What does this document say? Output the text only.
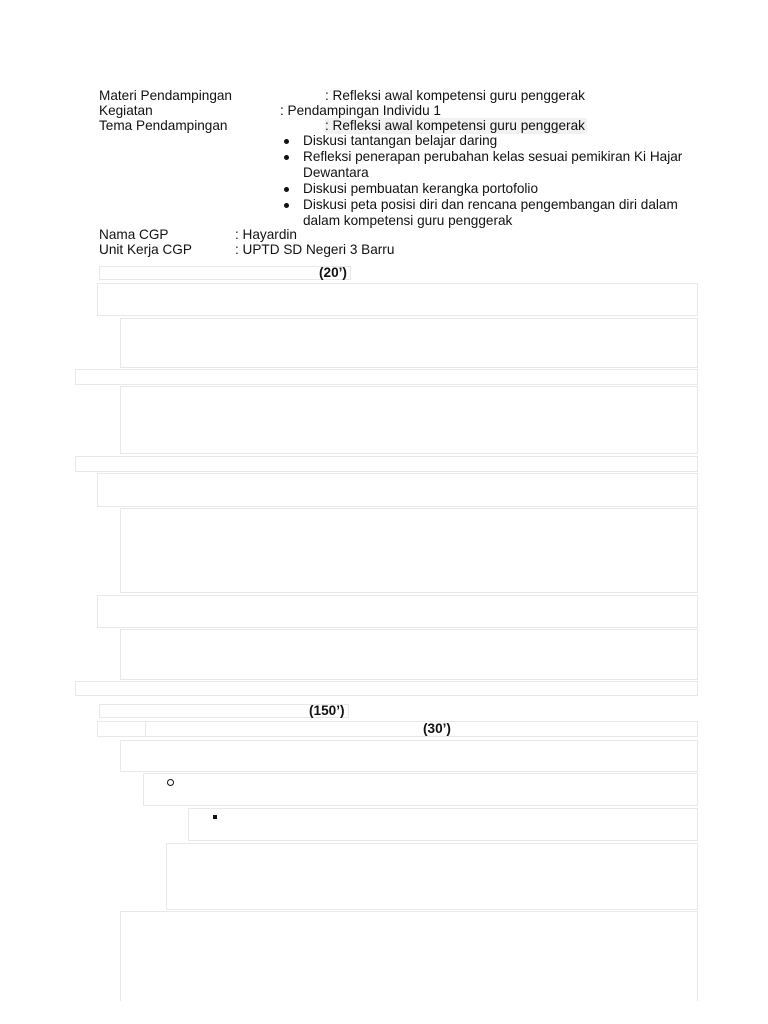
Materi Pendampingan	: Refleksi awal kompetensi guru penggerak
Kegiatan	: Pendampingan Individu 1
Tema Pendampingan	: Refleksi awal kompetensi guru penggerak
Diskusi tantangan belajar daring
Refleksi penerapan perubahan kelas sesuai pemikiran Ki Hajar Dewantara
Diskusi pembuatan kerangka portofolio
Diskusi peta posisi diri dan rencana pengembangan diri dalam dalam kompetensi guru penggerak
Nama CGP	: Hayardin
Unit Kerja CGP	: UPTD SD Negeri 3 Barru
(20’)
(150’)
(30’)
